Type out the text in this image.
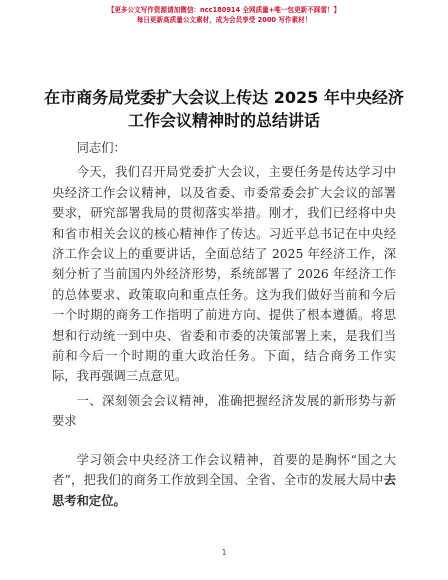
【更多公文写作资源请加微信：ncc180914 全网质量+唯一包更新不踩雷！】
每日更新高质量公文素材，成为会员享受 2000 写作素材！
在市商务局党委扩大会议上传达 2025 年中央经济工作会议精神时的总结讲话

同志们：

今天，我们召开局党委扩大会议，主要任务是传达学习中央经济工作会议精神，以及省委、市委常委会扩大会议的部署要求，研究部署我局的贯彻落实举措。刚才，我们已经将中央和省市相关会议的核心精神作了传达。习近平总书记在中央经济工作会议上的重要讲话，全面总结了 2025 年经济工作，深刻分析了当前国内外经济形势，系统部署了 2026 年经济工作的总体要求、政策取向和重点任务。这为我们做好当前和今后一个时期的商务工作指明了前进方向、提供了根本遵循。将思想和行动统一到中央、省委和市委的决策部署上来，是我们当前和今后一个时期的重大政治任务。下面，结合商务工作实际，我再强调三点意见。

一、深刻领会会议精神，准确把握经济发展的新形势与新要求

学习领会中央经济工作会议精神，首要的是胸怀“国之大者”，把我们的商务工作放到全国、全省、全市的发展大局中去思考和定位。

1
